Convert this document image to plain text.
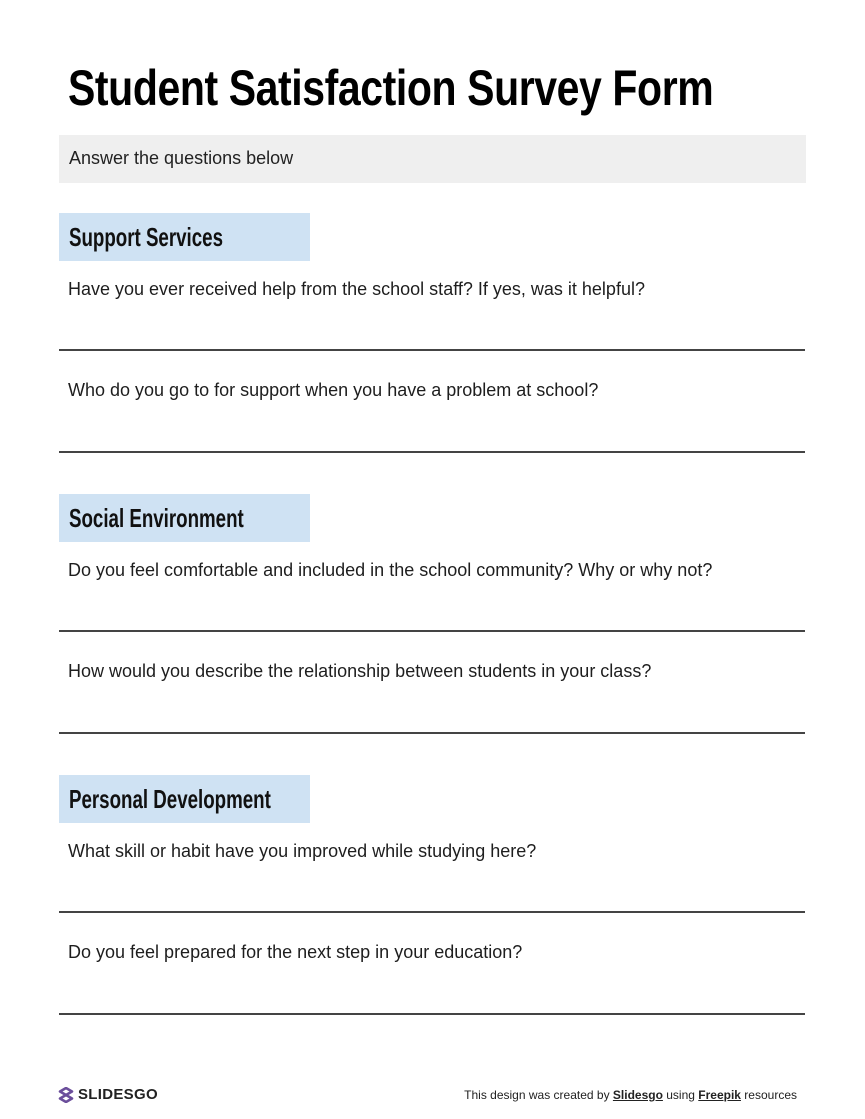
Student Satisfaction Survey Form
Answer the questions below
Support Services
Have you ever received help from the school staff? If yes, was it helpful?
Who do you go to for support when you have a problem at school?
Social Environment
Do you feel comfortable and included in the school community? Why or why not?
How would you describe the relationship between students in your class?
Personal Development
What skill or habit have you improved while studying here?
Do you feel prepared for the next step in your education?
SLIDESGO	This design was created by Slidesgo using Freepik resources
